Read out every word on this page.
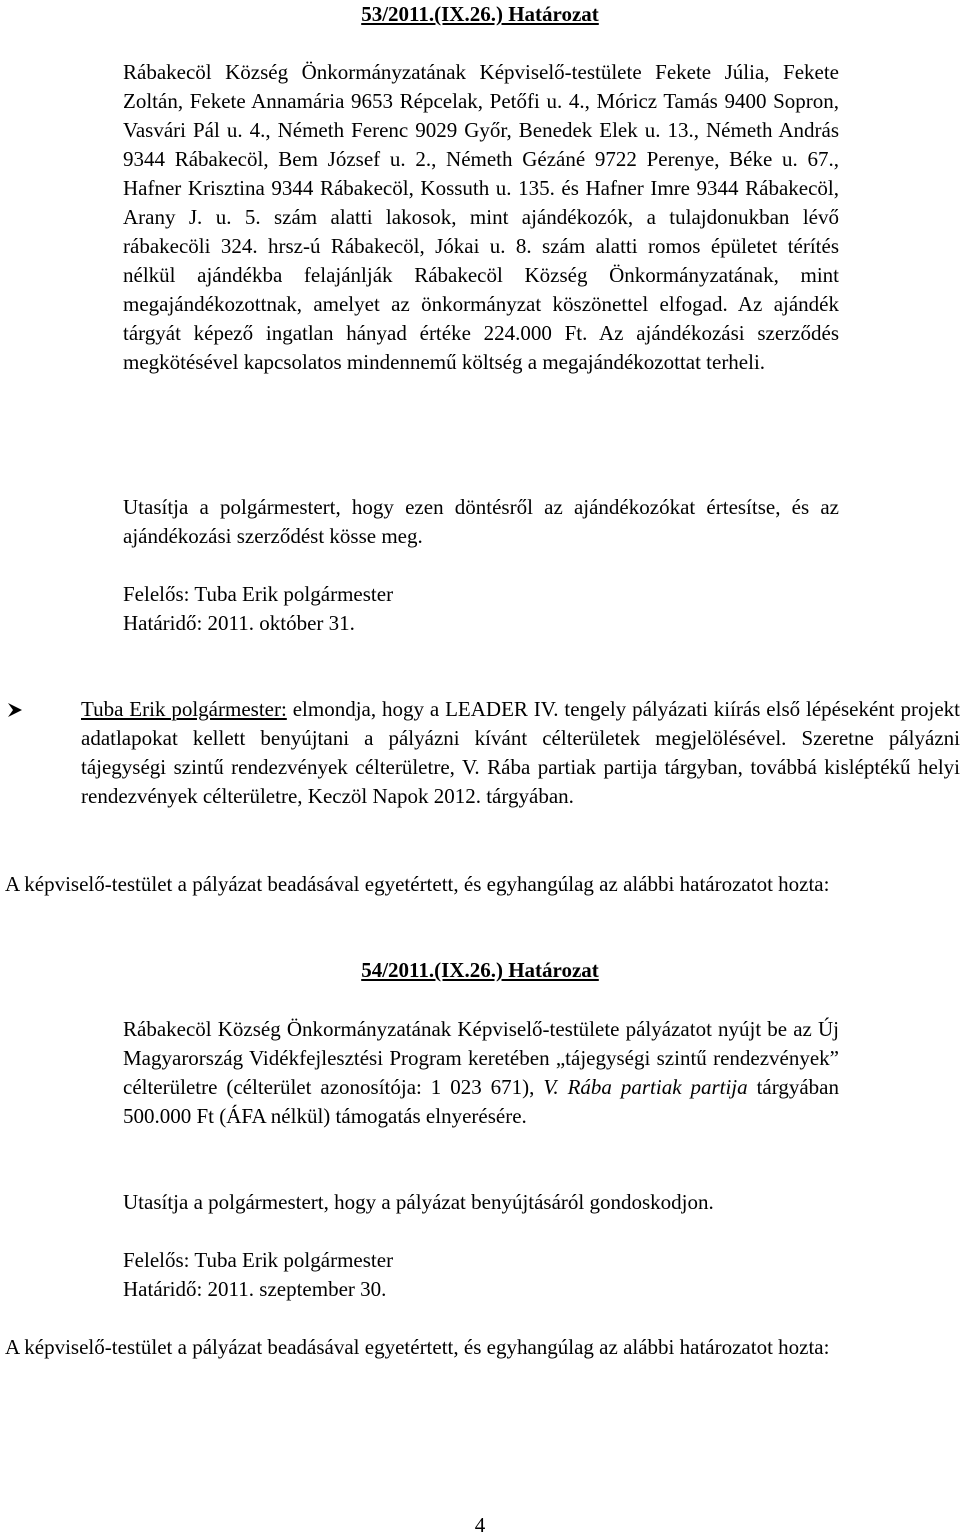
53/2011.(IX.26.) Határozat

Rábakecöl Község Önkormányzatának Képviselő-testülete Fekete Júlia, Fekete Zoltán, Fekete Annamária 9653 Répcelak, Petőfi u. 4., Móricz Tamás 9400 Sopron, Vasvári Pál u. 4., Németh Ferenc 9029 Győr, Benedek Elek u. 13., Németh András 9344 Rábakecöl, Bem József u. 2., Németh Gézáné 9722 Perenye, Béke u. 67., Hafner Krisztina 9344 Rábakecöl, Kossuth u. 135. és Hafner Imre 9344 Rábakecöl, Arany J. u. 5. szám alatti lakosok, mint ajándékozók, a tulajdonukban lévő rábakecöli 324. hrsz-ú Rábakecöl, Jókai u. 8. szám alatti romos épületet térítés nélkül ajándékba felajánlják Rábakecöl Község Önkormányzatának, mint megajándékozottnak, amelyet az önkormányzat köszönettel elfogad. Az ajándék tárgyát képező ingatlan hányad értéke 224.000 Ft. Az ajándékozási szerződés megkötésével kapcsolatos mindennemű költség a megajándékozottat terheli.

Utasítja a polgármestert, hogy ezen döntésről az ajándékozókat értesítse, és az ajándékozási szerződést kösse meg.

Felelős: Tuba Erik polgármester

Határidő: 2011. október 31.

Tuba Erik polgármester: elmondja, hogy a LEADER IV. tengely pályázati kiírás első lépéseként projekt adatlapokat kellett benyújtani a pályázni kívánt célterületek megjelölésével. Szeretne pályázni tájegységi szintű rendezvények célterületre, V. Rába partiak partija tárgyban, továbbá kisléptékű helyi rendezvények célterületre, Keczöl Napok 2012. tárgyában.

A képviselő-testület a pályázat beadásával egyetértett, és egyhangúlag az alábbi határozatot hozta:

54/2011.(IX.26.) Határozat

Rábakecöl Község Önkormányzatának Képviselő-testülete pályázatot nyújt be az Új Magyarország Vidékfejlesztési Program keretében „tájegységi szintű rendezvények” célterületre (célterület azonosítója: 1 023 671), V. Rába partiak partija tárgyában 500.000 Ft (ÁFA nélkül) támogatás elnyerésére.

Utasítja a polgármestert, hogy a pályázat benyújtásáról gondoskodjon.

Felelős: Tuba Erik polgármester

Határidő: 2011. szeptember 30.

A képviselő-testület a pályázat beadásával egyetértett, és egyhangúlag az alábbi határozatot hozta:

4
